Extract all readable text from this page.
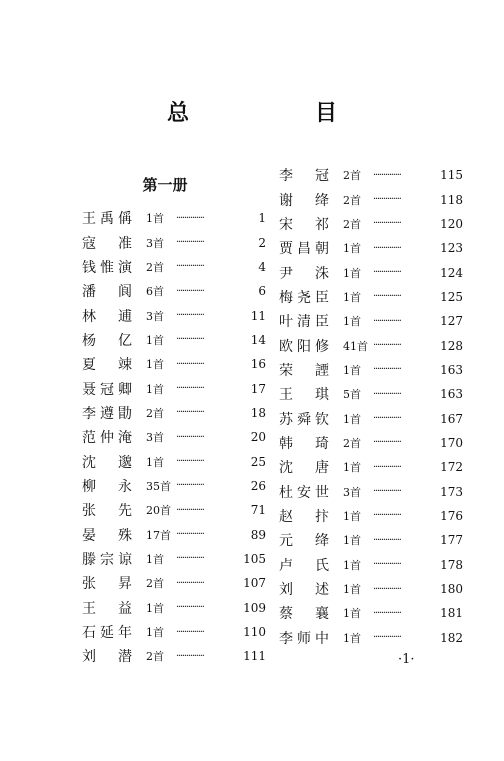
总　目
第一册
王禹偁 1首	··············	1
寇准 3首	··············	2
钱惟演 2首	··············	4
潘阆 6首	··············	6
林逋 3首	··············	11
杨亿 1首	··············	14
夏竦 1首	··············	16
聂冠卿 1首	··············	17
李遵勖 2首	··············	18
范仲淹 3首	··············	20
沈邈 1首	··············	25
柳永 35首 ··············	26
张先 20首 ··············	71
晏殊 17首 ··············	89
滕宗谅 1首	··············	105
张昇 2首	··············	107
王益 1首	··············	109
石延年 1首	··············	110
刘潜 2首	··············	111
李冠 2首	··············	115
谢绛 2首	··············	118
宋祁 2首	··············	120
贾昌朝 1首	··············	123
尹洙 1首	··············	124
梅尧臣 1首	··············	125
叶清臣 1首	··············	127
欧阳修 41首 ··············	128
荣諲 1首	··············	163
王琪 5首	··············	163
苏舜钦 1首	··············	167
韩琦 2首	··············	170
沈唐 1首	··············	172
杜安世 3首	··············	173
赵抃 1首	··············	176
元绛 1首	··············	177
卢氏 1首	··············	178
刘述 1首	··············	180
蔡襄 1首	··············	181
李师中 1首	··············	182
·1·
